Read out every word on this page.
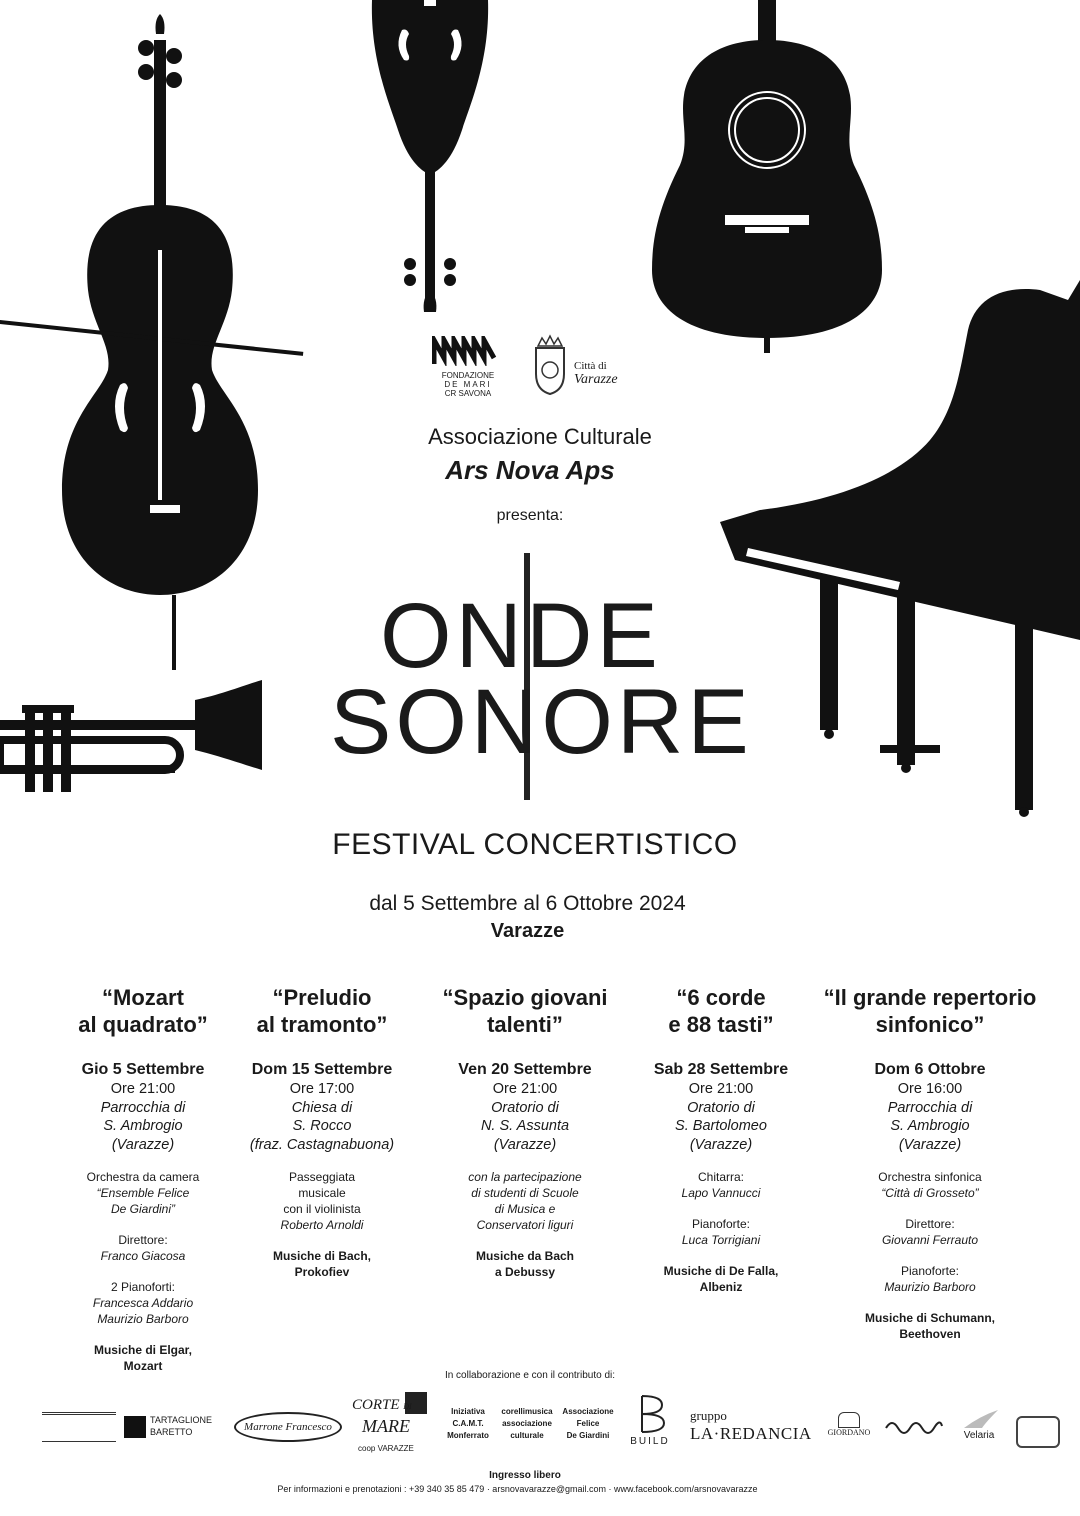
FONDAZIONE
DE MARI
CR SAVONA
Città di
Varazze
Associazione Culturale
Ars Nova Aps
presenta:
ONDE
SONORE
FESTIVAL CONCERTISTICO
dal 5 Settembre al 6 Ottobre 2024
Varazze
“Mozart
al quadrato”
Gio 5 Settembre
Ore 21:00
Parrocchia di
S. Ambrogio
(Varazze)
Orchestra da camera
“Ensemble Felice
De Giardini”
Direttore:
Franco Giacosa
2 Pianoforti:
Francesca Addario
Maurizio Barboro
Musiche di Elgar,
Mozart
“Preludio
al tramonto”
Dom 15 Settembre
Ore 17:00
Chiesa di
S. Rocco
(fraz. Castagnabuona)
Passeggiata
musicale
con il violinista
Roberto Arnoldi
Musiche di Bach,
Prokofiev
“Spazio giovani
talenti”
Ven 20 Settembre
Ore 21:00
Oratorio di
N. S. Assunta
(Varazze)
con la partecipazione
di studenti di Scuole
di Musica e
Conservatori liguri
Musiche da Bach
a Debussy
“6 corde
e 88 tasti”
Sab 28 Settembre
Ore 21:00
Oratorio di
S. Bartolomeo
(Varazze)
Chitarra:
Lapo Vannucci
Pianoforte:
Luca Torrigiani
Musiche di De Falla,
Albeniz
“Il grande repertorio
sinfonico”
Dom 6 Ottobre
Ore 16:00
Parrocchia di
S. Ambrogio
(Varazze)
Orchestra sinfonica
“Città di Grosseto”
Direttore:
Giovanni Ferrauto
Pianoforte:
Maurizio Barboro
Musiche di Schumann,
Beethoven
In collaborazione e con il contributo di:
TARTAGLIONE
BARETTO	Marrone Francesco
CORTE DI
MARE
coop VARAZZE
Iniziativa
C.A.M.T.
Monferrato
corellimusica
associazione
culturale
Associazione
Felice
De Giardini
BUILD
gruppo
LA·REDANCIA	GIORDANO	Velaria
Ingresso libero
Per informazioni e prenotazioni : +39 340 35 85 479 · arsnovavarazze@gmail.com · www.facebook.com/arsnovavarazze
